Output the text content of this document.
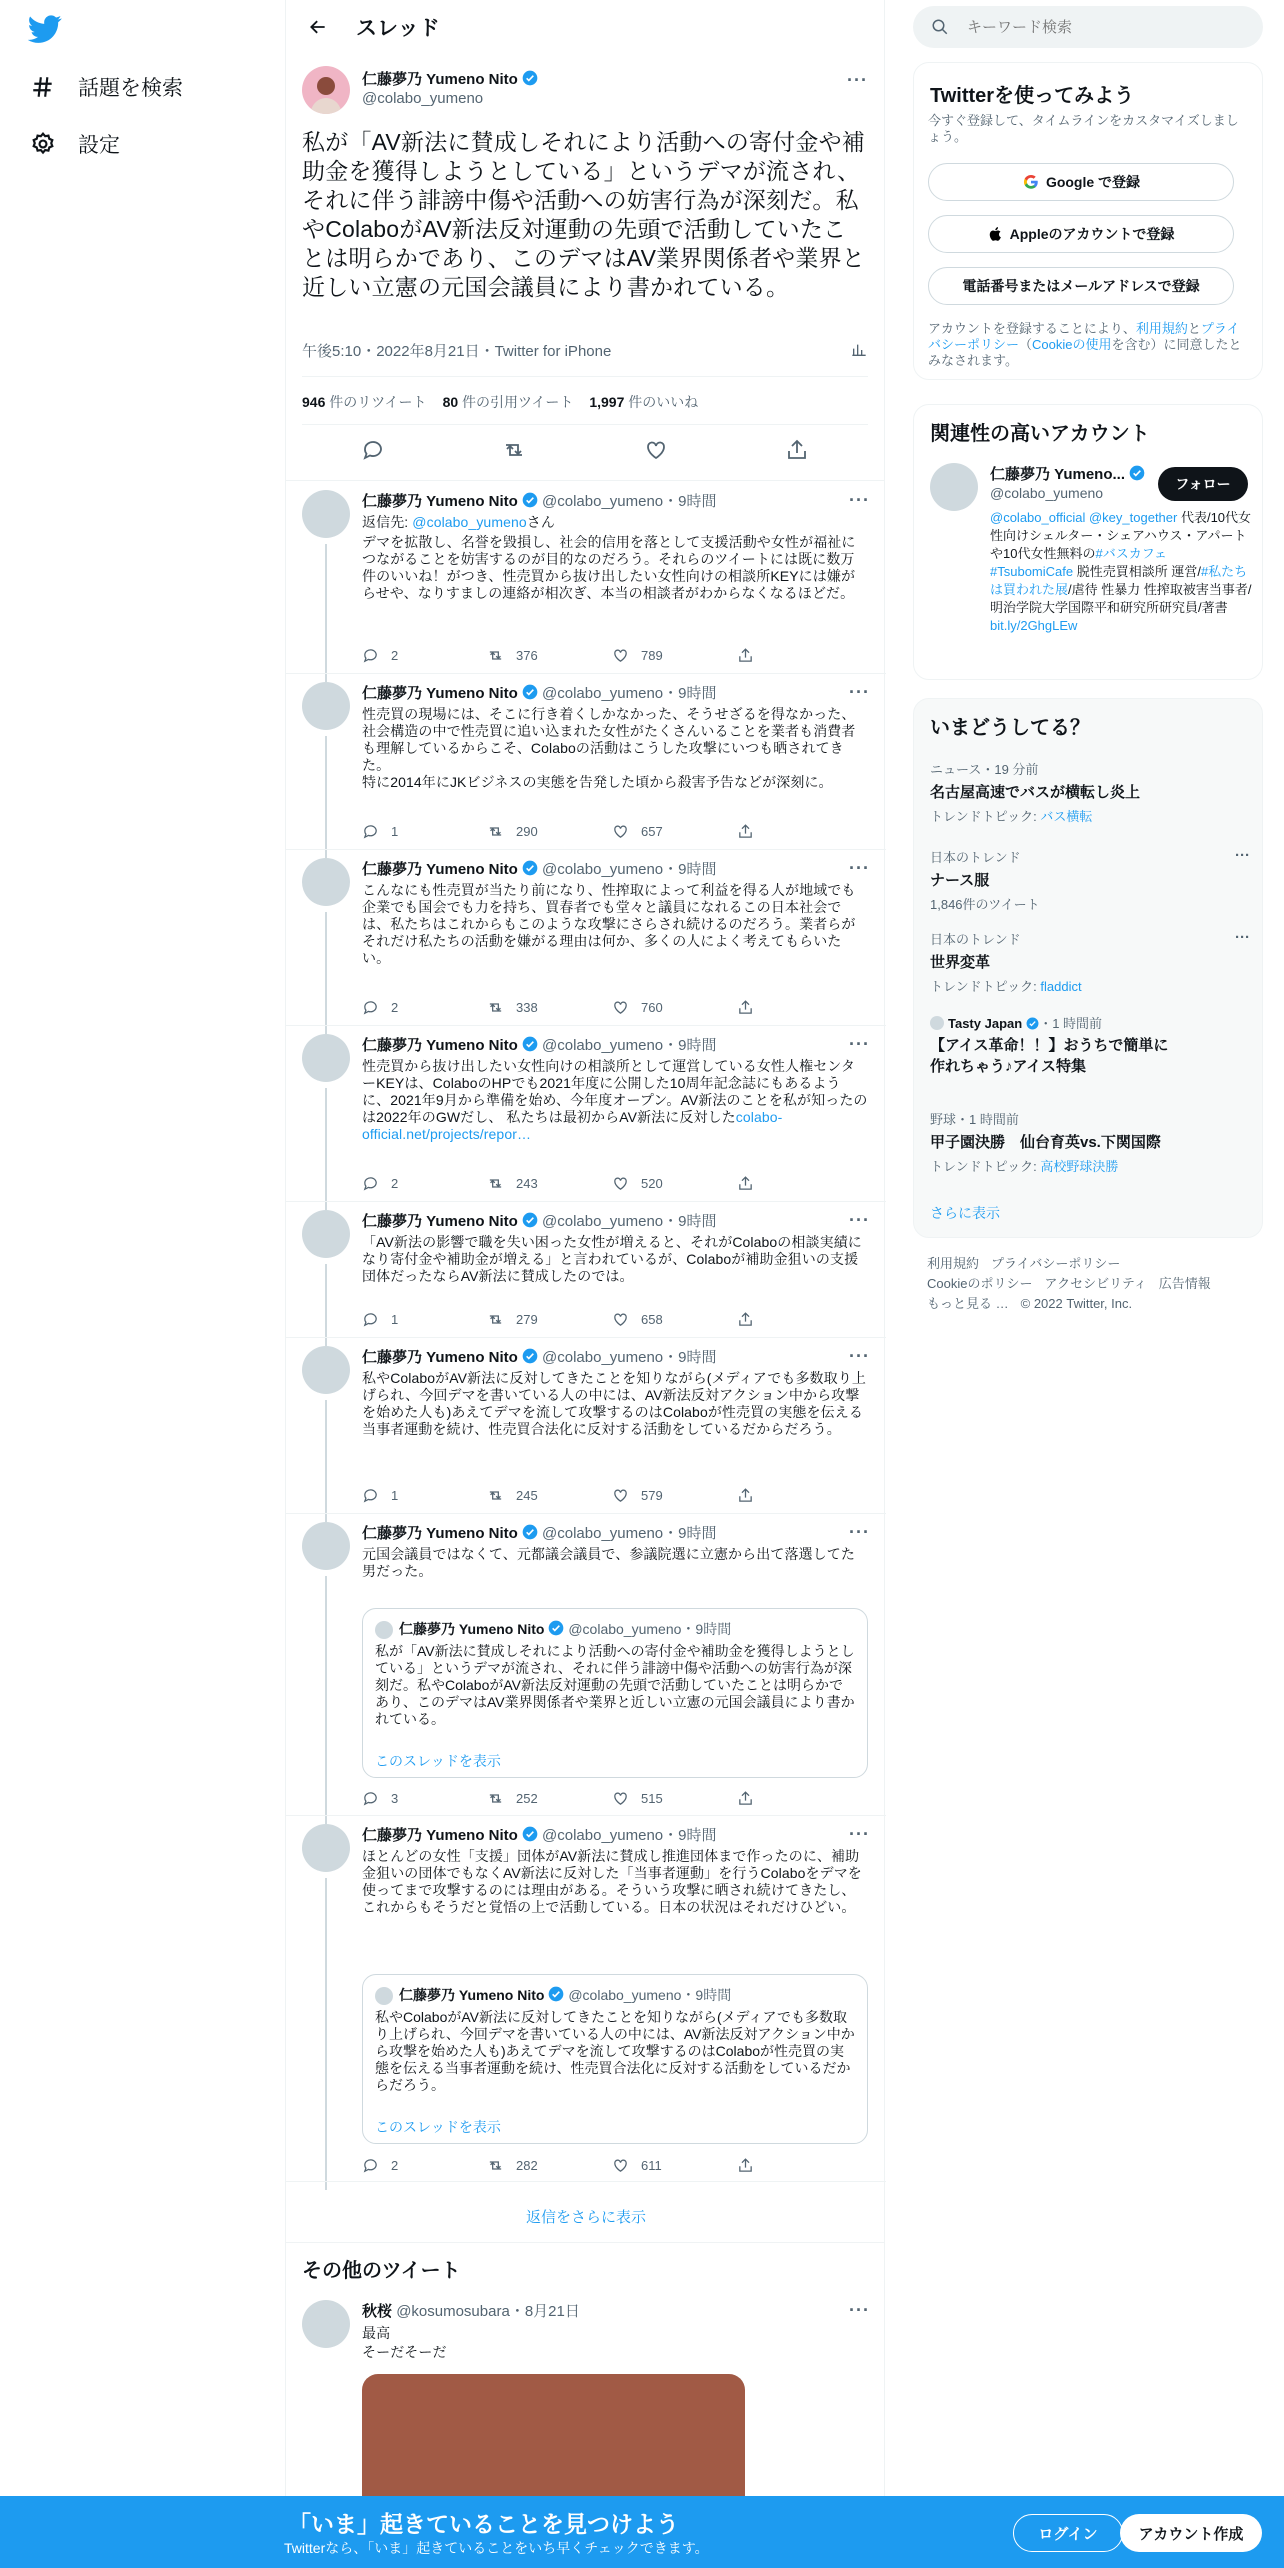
話題を検索
設定
スレッド
仁藤夢乃 Yumeno Nito
@colabo_yumeno
···
私が「AV新法に賛成しそれにより活動への寄付金や補助金を獲得しようとしている」というデマが流され、それに伴う誹謗中傷や活動への妨害行為が深刻だ。私やColaboがAV新法反対運動の先頭で活動していたことは明らかであり、このデマはAV業界関係者や業界と近しい立憲の元国会議員により書かれている。
午後5:10・2022年8月21日・Twitter for iPhone
946 件のリツイート 80 件の引用ツイート 1,997 件のいいね
仁藤夢乃 Yumeno Nito @colabo_yumeno・9時間	···
返信先: @colabo_yumenoさん
デマを拡散し、名誉を毀損し、社会的信用を落として支援活動や女性が福祉につながることを妨害するのが目的なのだろう。それらのツイートには既に数万件のいいね！がつき、性売買から抜け出したい女性向けの相談所KEYには嫌がらせや、なりすましの連絡が相次ぎ、本当の相談者がわからなくなるほどだ。
2	376	789
仁藤夢乃 Yumeno Nito @colabo_yumeno・9時間	···
性売買の現場には、そこに行き着くしかなかった、そうせざるを得なかった、社会構造の中で性売買に追い込まれた女性がたくさんいることを業者も消費者も理解しているからこそ、Colaboの活動はこうした攻撃にいつも晒されてきた。
特に2014年にJKビジネスの実態を告発した頃から殺害予告などが深刻に。
1	290	657
仁藤夢乃 Yumeno Nito @colabo_yumeno・9時間	···
こんなにも性売買が当たり前になり、性搾取によって利益を得る人が地域でも企業でも国会でも力を持ち、買春者でも堂々と議員になれるこの日本社会では、私たちはこれからもこのような攻撃にさらされ続けるのだろう。業者らがそれだけ私たちの活動を嫌がる理由は何か、多くの人によく考えてもらいたい。
2	338	760
仁藤夢乃 Yumeno Nito @colabo_yumeno・9時間	···
性売買から抜け出したい女性向けの相談所として運営している女性人権センターKEYは、ColaboのHPでも2021年度に公開した10周年記念誌にもあるように、2021年9月から準備を始め、今年度オープン。AV新法のことを私が知ったのは2022年のGWだし、 私たちは最初からAV新法に反対したcolabo-official.net/projects/repor…
2	243	520
仁藤夢乃 Yumeno Nito @colabo_yumeno・9時間	···
「AV新法の影響で職を失い困った女性が増えると、それがColaboの相談実績になり寄付金や補助金が増える」と言われているが、Colaboが補助金狙いの支援団体だったならAV新法に賛成したのでは。
1	279	658
仁藤夢乃 Yumeno Nito @colabo_yumeno・9時間	···
私やColaboがAV新法に反対してきたことを知りながら(メディアでも多数取り上げられ、今回デマを書いている人の中には、AV新法反対アクション中から攻撃を始めた人も)あえてデマを流して攻撃するのはColaboが性売買の実態を伝える当事者運動を続け、性売買合法化に反対する活動をしているだからだろう。
1	245	579
仁藤夢乃 Yumeno Nito @colabo_yumeno・9時間	···
元国会議員ではなくて、元都議会議員で、参議院選に立憲から出て落選してた男だった。
仁藤夢乃 Yumeno Nito @colabo_yumeno・9時間
私が「AV新法に賛成しそれにより活動への寄付金や補助金を獲得しようとしている」というデマが流され、それに伴う誹謗中傷や活動への妨害行為が深刻だ。私やColaboがAV新法反対運動の先頭で活動していたことは明らかであり、このデマはAV業界関係者や業界と近しい立憲の元国会議員により書かれている。
このスレッドを表示
3	252	515
仁藤夢乃 Yumeno Nito @colabo_yumeno・9時間	···
ほとんどの女性「支援」団体がAV新法に賛成し推進団体まで作ったのに、補助金狙いの団体でもなくAV新法に反対した「当事者運動」を行うColaboをデマを使ってまで攻撃するのには理由がある。そういう攻撃に晒され続けてきたし、これからもそうだと覚悟の上で活動している。日本の状況はそれだけひどい。
仁藤夢乃 Yumeno Nito @colabo_yumeno・9時間
私やColaboがAV新法に反対してきたことを知りながら(メディアでも多数取り上げられ、今回デマを書いている人の中には、AV新法反対アクション中から攻撃を始めた人も)あえてデマを流して攻撃するのはColaboが性売買の実態を伝える当事者運動を続け、性売買合法化に反対する活動をしているだからだろう。
このスレッドを表示
2	282	611
返信をさらに表示
その他のツイート
秋桜 @kosumosubara・8月21日	···
最高
そーだそーだ
キーワード検索
Twitterを使ってみよう
今すぐ登録して、タイムラインをカスタマイズしましょう。
Google で登録
Appleのアカウントで登録
電話番号またはメールアドレスで登録
アカウントを登録することにより、利用規約とプライバシーポリシー（Cookieの使用を含む）に同意したとみなされます。
関連性の高いアカウント
仁藤夢乃 Yumeno...
@colabo_yumeno
フォロー
@colabo_official @key_together 代表/10代女性向けシェルター・シェアハウス・アパートや10代女性無料の#バスカフェ #TsubomiCafe 脱性売買相談所 運営/#私たちは買われた展/虐待 性暴力 性搾取被害当事者/明治学院大学国際平和研究所研究員/著書bit.ly/2GhgLEw
いまどうしてる？
ニュース・19 分前
名古屋高速でバスが横転し炎上
トレンドトピック: バス横転
日本のトレンド
ナース服
1,846件のツイート
···
日本のトレンド
世界変革
トレンドトピック: fladdict
···
Tasty Japan ・1 時間前
【アイス革命！！】おうちで簡単に作れちゃう♪アイス特集
野球・1 時間前
甲子園決勝　仙台育英vs.下関国際
トレンドトピック: 高校野球決勝
さらに表示
利用規約 プライバシーポリシー
Cookieのポリシー アクセシビリティ 広告情報
もっと見る … © 2022 Twitter, Inc.
「いま」起きていることを見つけよう
Twitterなら、「いま」起きていることをいち早くチェックできます。
ログイン	アカウント作成
